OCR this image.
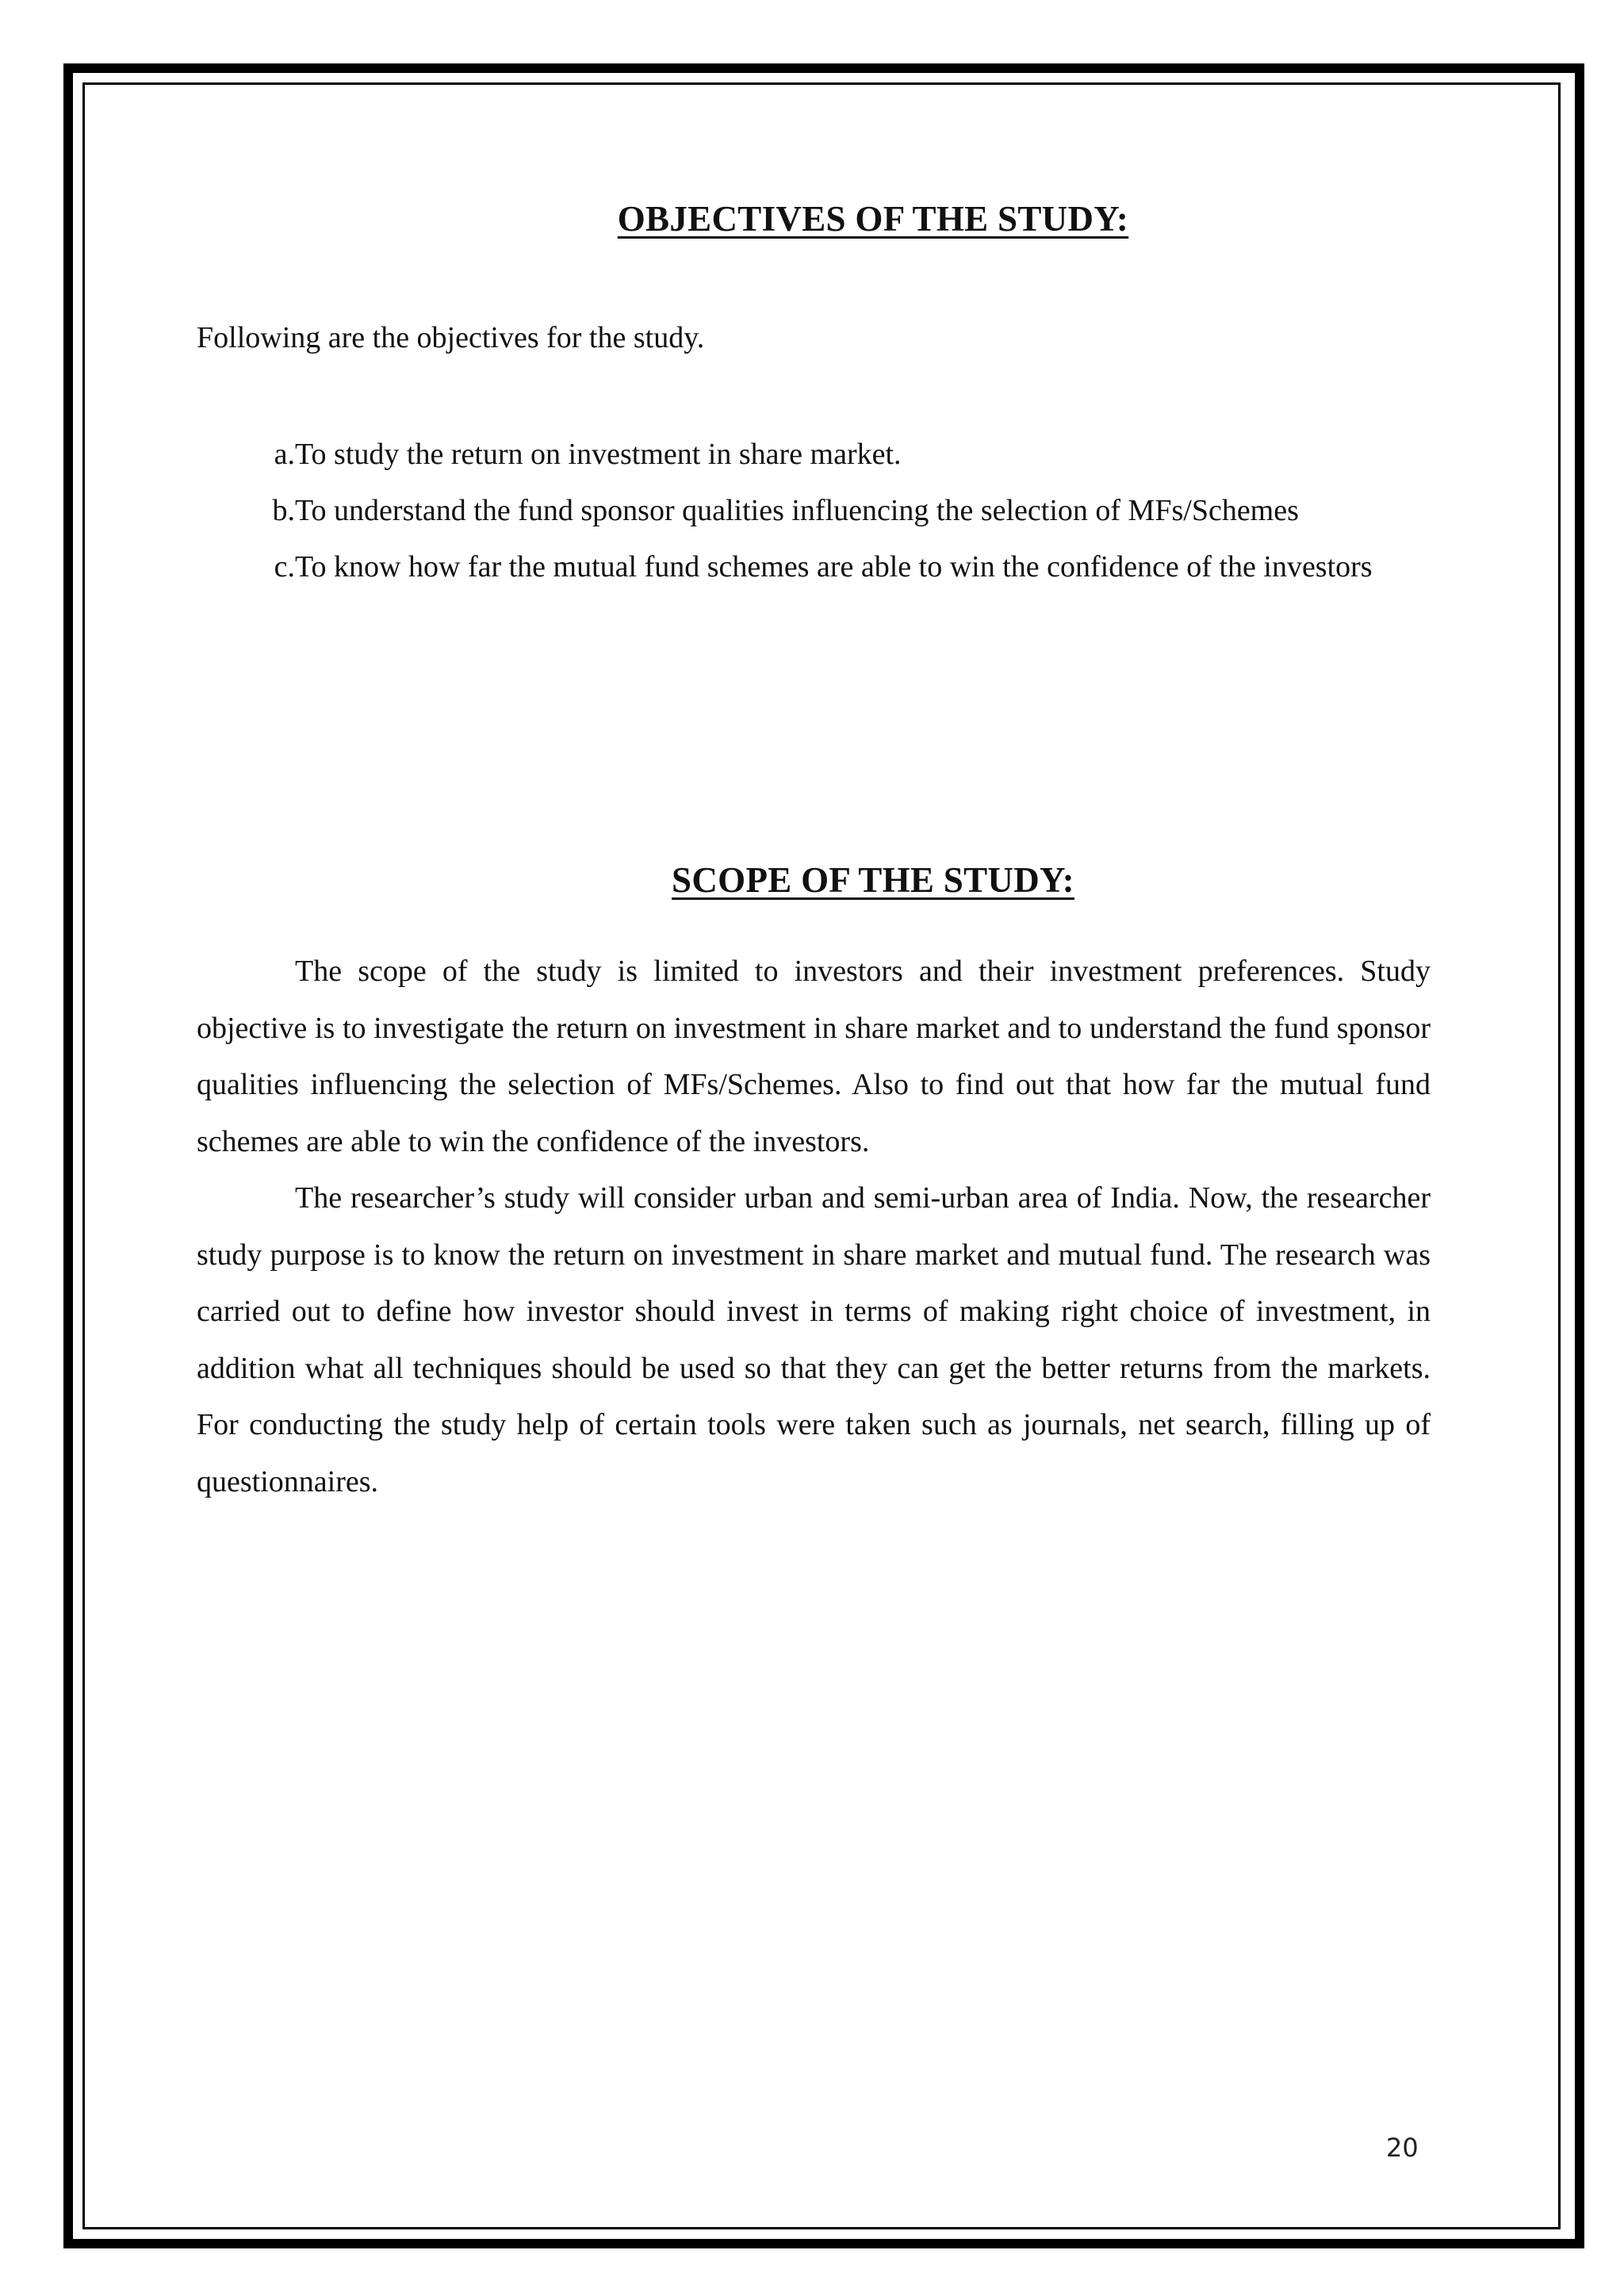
OBJECTIVES OF THE STUDY:

Following are the objectives for the study.

a. To study the return on investment in share market.
b. To understand the fund sponsor qualities influencing the selection of MFs/Schemes
c. To know how far the mutual fund schemes are able to win the confidence of the investors
SCOPE OF THE STUDY:

The scope of the study is limited to investors and their investment preferences. Study objective is to investigate the return on investment in share market and to understand the fund sponsor qualities influencing the selection of MFs/Schemes. Also to find out that how far the mutual fund schemes are able to win the confidence of the investors.

The researcher’s study will consider urban and semi-urban area of India. Now, the researcher study purpose is to know the return on investment in share market and mutual fund. The research was carried out to define how investor should invest in terms of making right choice of investment, in addition what all techniques should be used so that they can get the better returns from the markets. For conducting the study help of certain tools were taken such as journals, net search, filling up of questionnaires.

20
